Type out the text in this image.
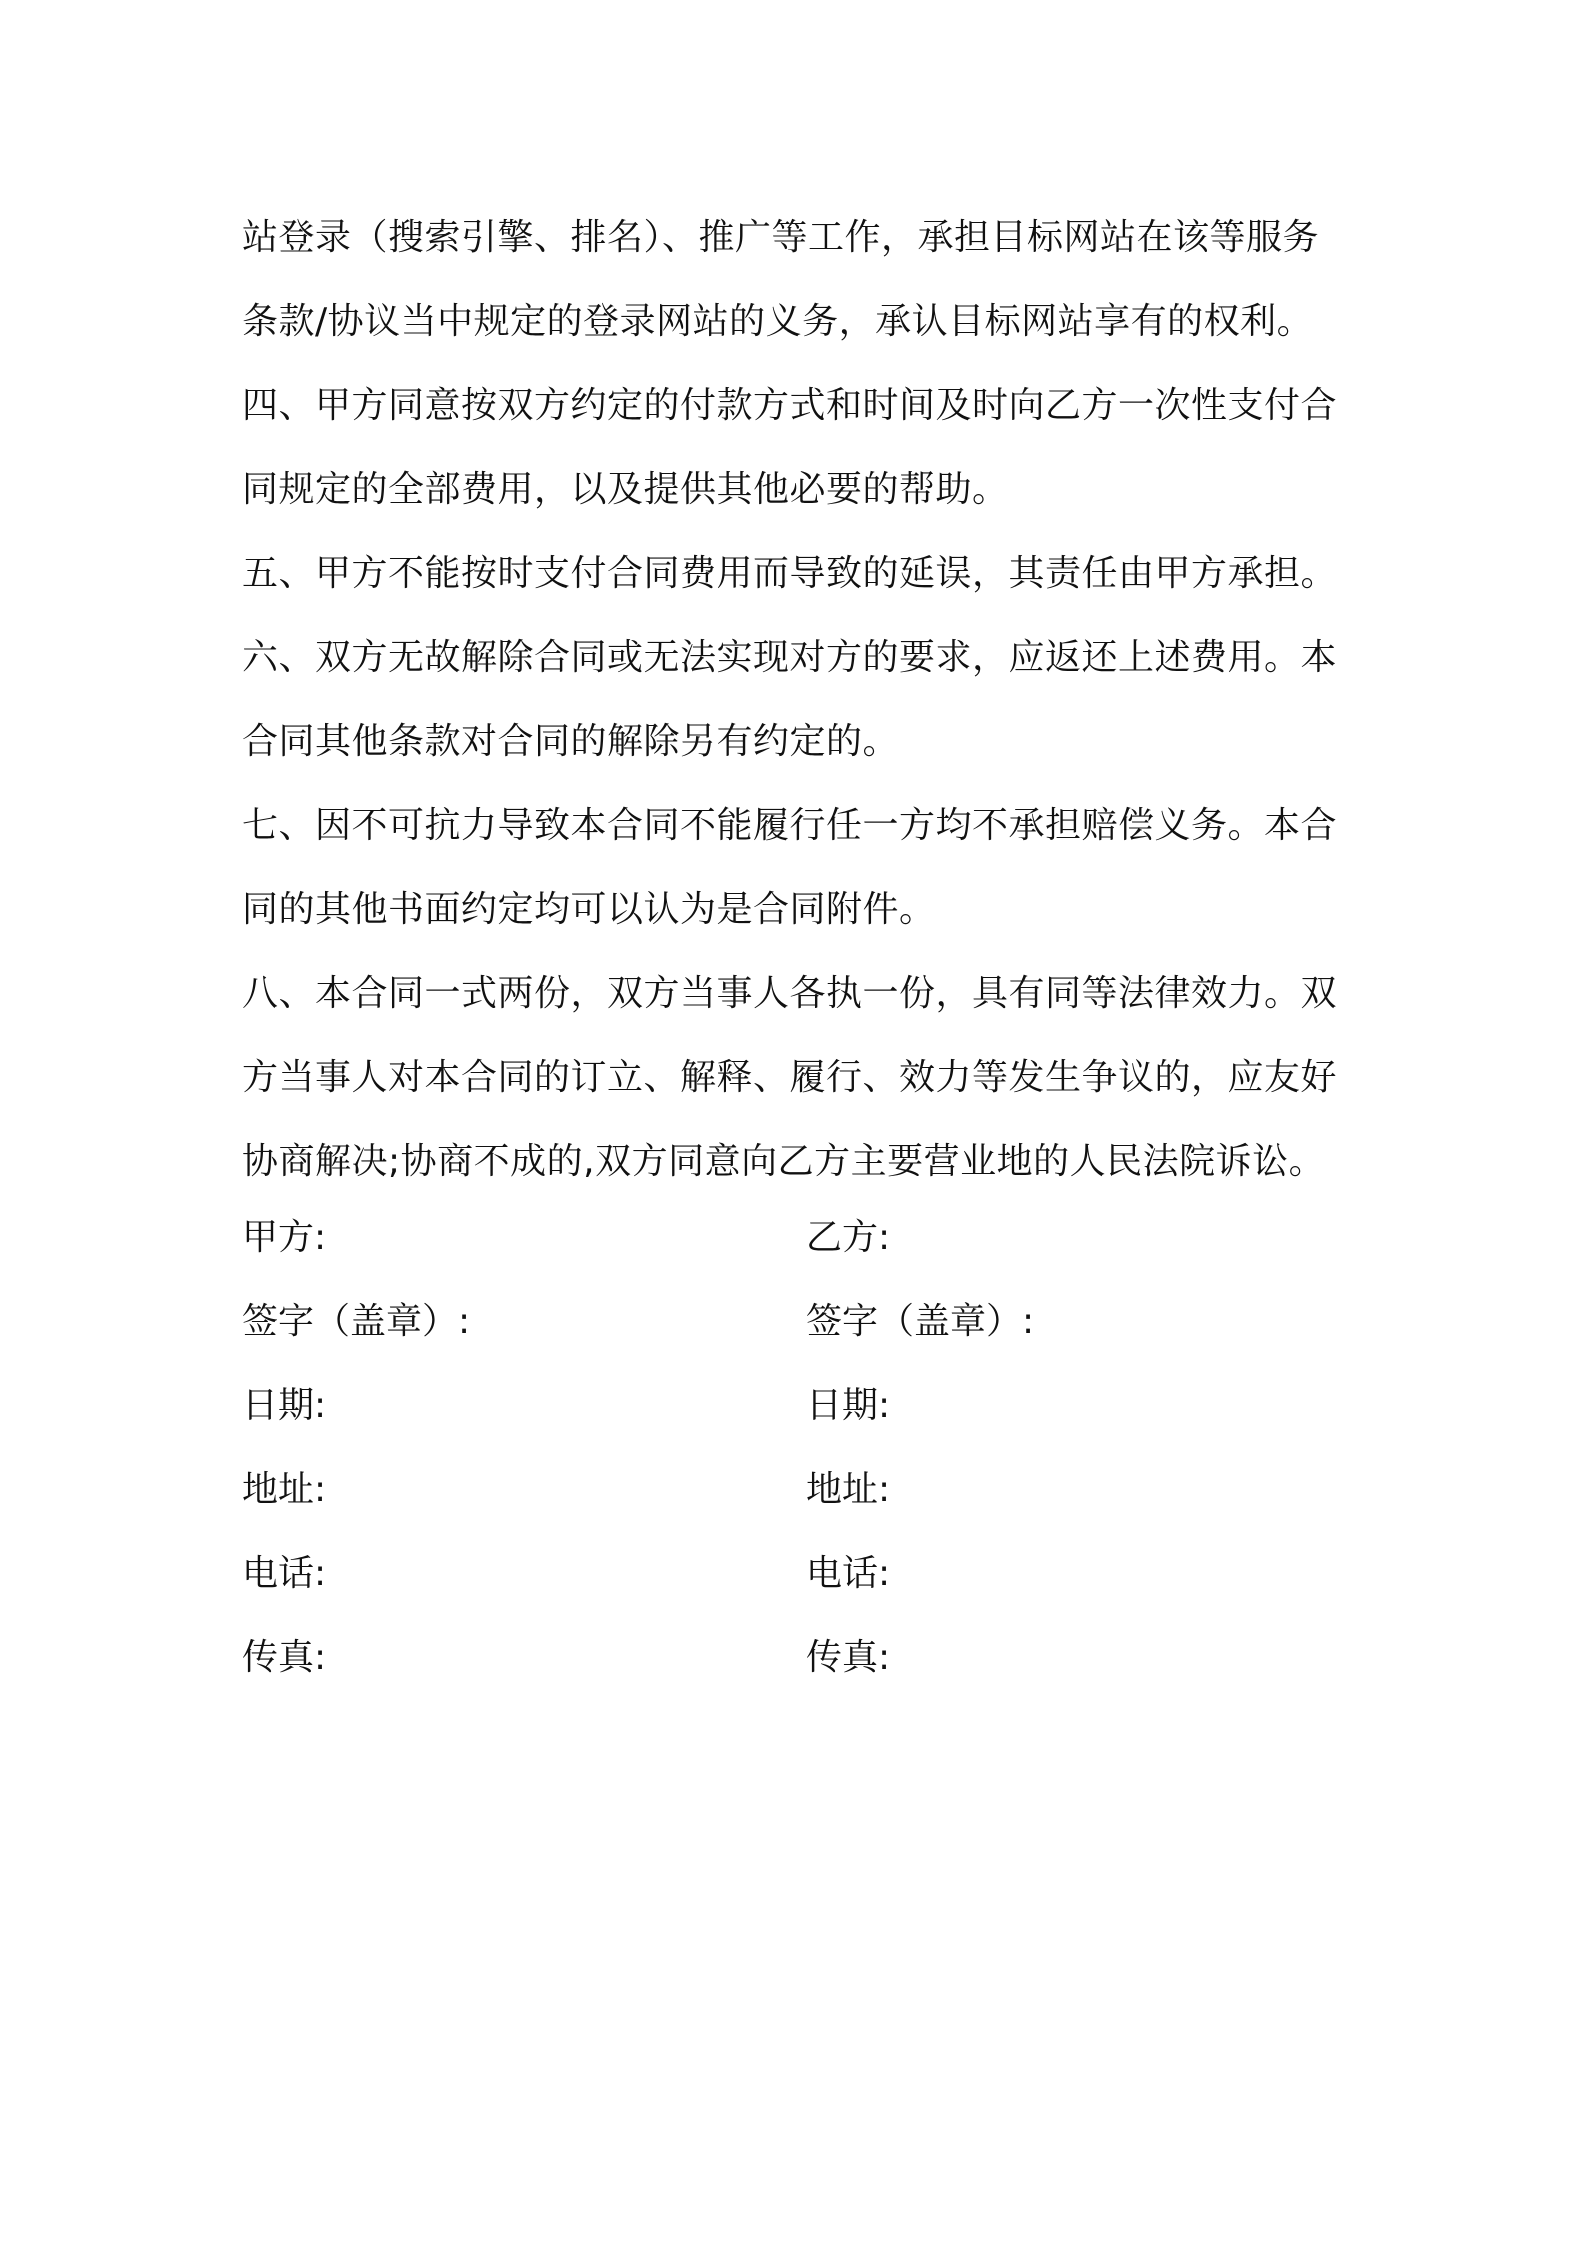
站登录（搜索引擎、排名）、推广等工作，承担目标网站在该等服务
条款/协议当中规定的登录网站的义务，承认目标网站享有的权利。
四、甲方同意按双方约定的付款方式和时间及时向乙方一次性支付合
同规定的全部费用，以及提供其他必要的帮助。
五、甲方不能按时支付合同费用而导致的延误，其责任由甲方承担。
六、双方无故解除合同或无法实现对方的要求，应返还上述费用。本
合同其他条款对合同的解除另有约定的。
七、因不可抗力导致本合同不能履行任一方均不承担赔偿义务。本合
同的其他书面约定均可以认为是合同附件。
八、本合同一式两份，双方当事人各执一份，具有同等法律效力。双
方当事人对本合同的订立、解释、履行、效力等发生争议的，应友好
协商解决;协商不成的,双方同意向乙方主要营业地的人民法院诉讼。
甲方:	乙方:
签字（盖章）:	签字（盖章）:
日期:	日期:
地址:	地址:
电话:	电话:
传真:	传真:
